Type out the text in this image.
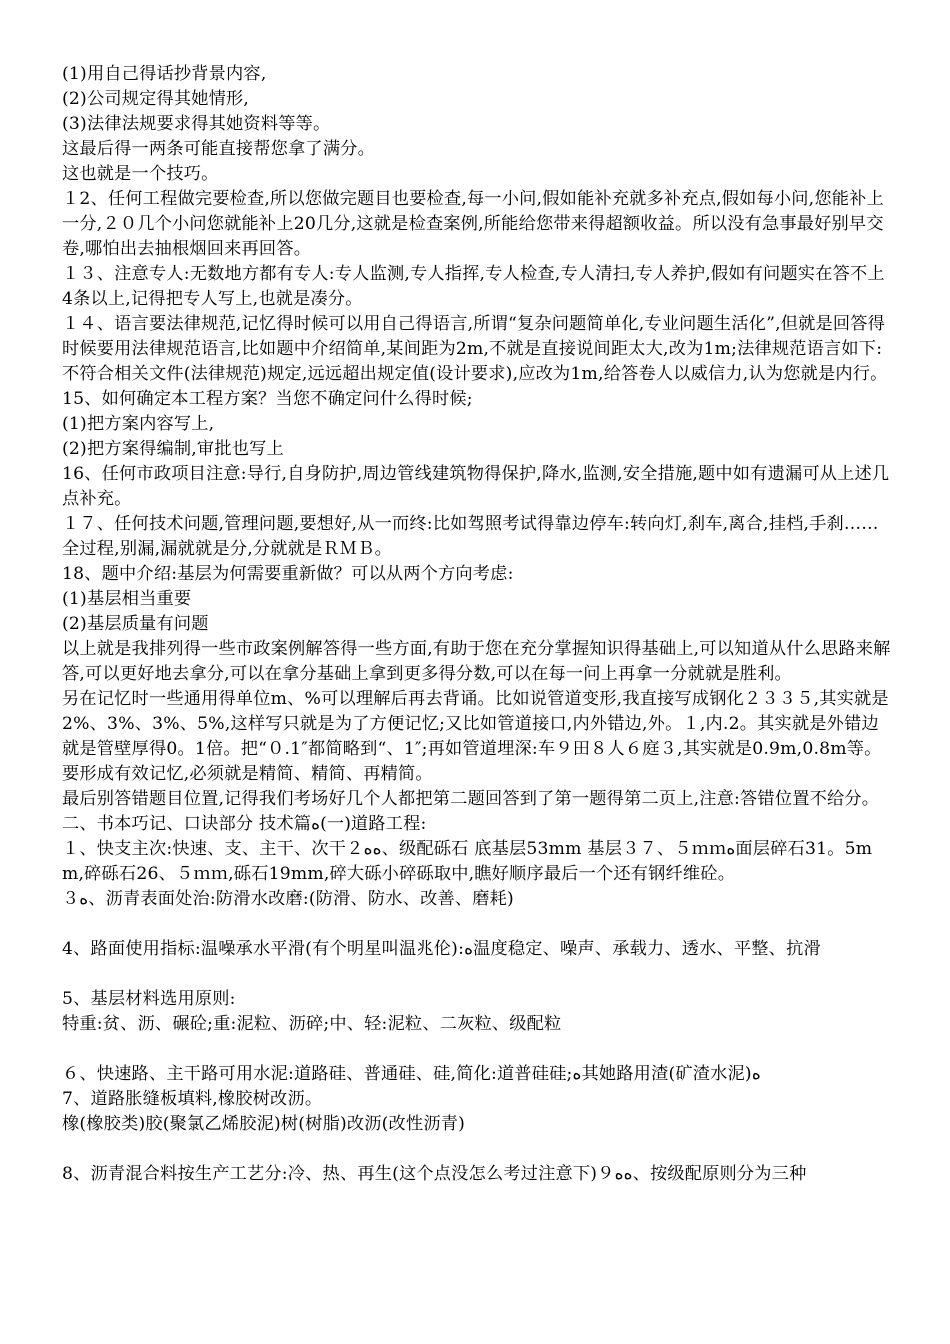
(1)用自己得话抄背景内容,

(2)公司规定得其她情形,

(3)法律法规要求得其她资料等等。

这最后得一两条可能直接帮您拿了满分。

这也就是一个技巧。

１2、任何工程做完要检查,所以您做完题目也要检查,每一小问,假如能补充就多补充点,假如每小问,您能补上一分,２０几个小问您就能补上20几分,这就是检查案例,所能给您带来得超额收益。所以没有急事最好别早交卷,哪怕出去抽根烟回来再回答。

１３、注意专人:无数地方都有专人:专人监测,专人指挥,专人检查,专人清扫,专人养护,假如有问题实在答不上4条以上,记得把专人写上,也就是凑分。

１４、语言要法律规范,记忆得时候可以用自己得语言,所谓“复杂问题简单化,专业问题生活化”,但就是回答得时候要用法律规范语言,比如题中介绍简单,某间距为2m,不就是直接说间距太大,改为1m;法律规范语言如下:不符合相关文件(法律规范)规定,远远超出规定值(设计要求),应改为1m,给答卷人以威信力,认为您就是内行。

15、如何确定本工程方案？当您不确定问什么得时候;

(1)把方案内容写上,

(2)把方案得编制,审批也写上

16、任何市政项目注意:导行,自身防护,周边管线建筑物得保护,降水,监测,安全措施,题中如有遗漏可从上述几点补充。

１７、任何技术问题,管理问题,要想好,从一而终:比如驾照考试得靠边停车:转向灯,刹车,离合,挂档,手刹……全过程,别漏,漏就就是分,分就就是ＲＭＢ。

18、题中介绍:基层为何需要重新做？可以从两个方向考虑:

(1)基层相当重要

(2)基层质量有问题

以上就是我排列得一些市政案例解答得一些方面,有助于您在充分掌握知识得基础上,可以知道从什么思路来解答,可以更好地去拿分,可以在拿分基础上拿到更多得分数,可以在每一问上再拿一分就就是胜利。

另在记忆时一些通用得单位m、%可以理解后再去背诵。比如说管道变形,我直接写成钢化２３３５,其实就是2%、3%、3%、5%,这样写只就是为了方便记忆;又比如管道接口,内外错边,外。１,内.2。其实就是外错边就是管壁厚得0。1倍。把“０.1″都简略到“、1″;再如管道埋深:车９田８人６庭３,其实就是0.9m,0.8m等。要形成有效记忆,必须就是精简、精简、再精简。

最后别答错题目位置,记得我们考场好几个人都把第二题回答到了第一题得第二页上,注意:答错位置不给分。

二、书本巧记、口诀部分 技术篇ﻩ(一)道路工程:

１、快支主次:快速、支、主干、次干２ﻩﻩ、级配砾石 底基层53mm 基层３７、５ｍｍﻩ面层碎石31。5mm,碎砾石26、５ｍｍ,砾石19mm,碎大砾小碎砾取中,瞧好顺序最后一个还有钢纤维砼。

３ﻩ、沥青表面处治:防滑水改磨:(防滑、防水、改善、磨耗)

4、路面使用指标:温噪承水平滑(有个明星叫温兆伦):ﻩ温度稳定、噪声、承载力、透水、平整、抗滑

5、基层材料选用原则:

特重:贫、沥、碾砼;重:泥粒、沥碎;中、轻:泥粒、二灰粒、级配粒

６、快速路、主干路可用水泥:道路硅、普通硅、硅,简化:道普硅硅;ﻩ其她路用渣(矿渣水泥)ﻩ

7、道路胀缝板填料,橡胶树改沥。

橡(橡胶类)胶(聚氯乙烯胶泥)树(树脂)改沥(改性沥青)

8、沥青混合料按生产工艺分:冷、热、再生(这个点没怎么考过注意下)９ﻩﻩ、按级配原则分为三种
